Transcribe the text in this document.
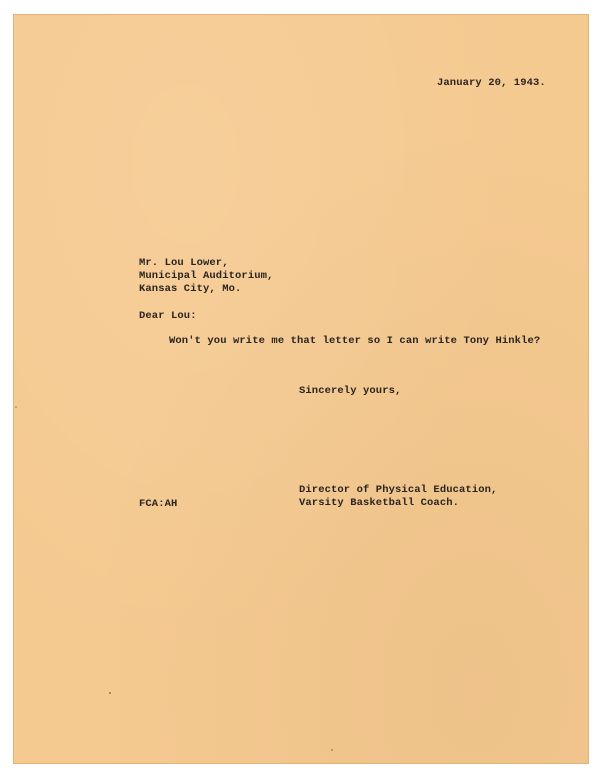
January 20, 1943.
Mr. Lou Lower,
Municipal Auditorium,
Kansas City, Mo.
Dear Lou:
Won't you write me that letter so I can write Tony Hinkle?
Sincerely yours,
Director of Physical Education,
Varsity Basketball Coach.
FCA:AH
